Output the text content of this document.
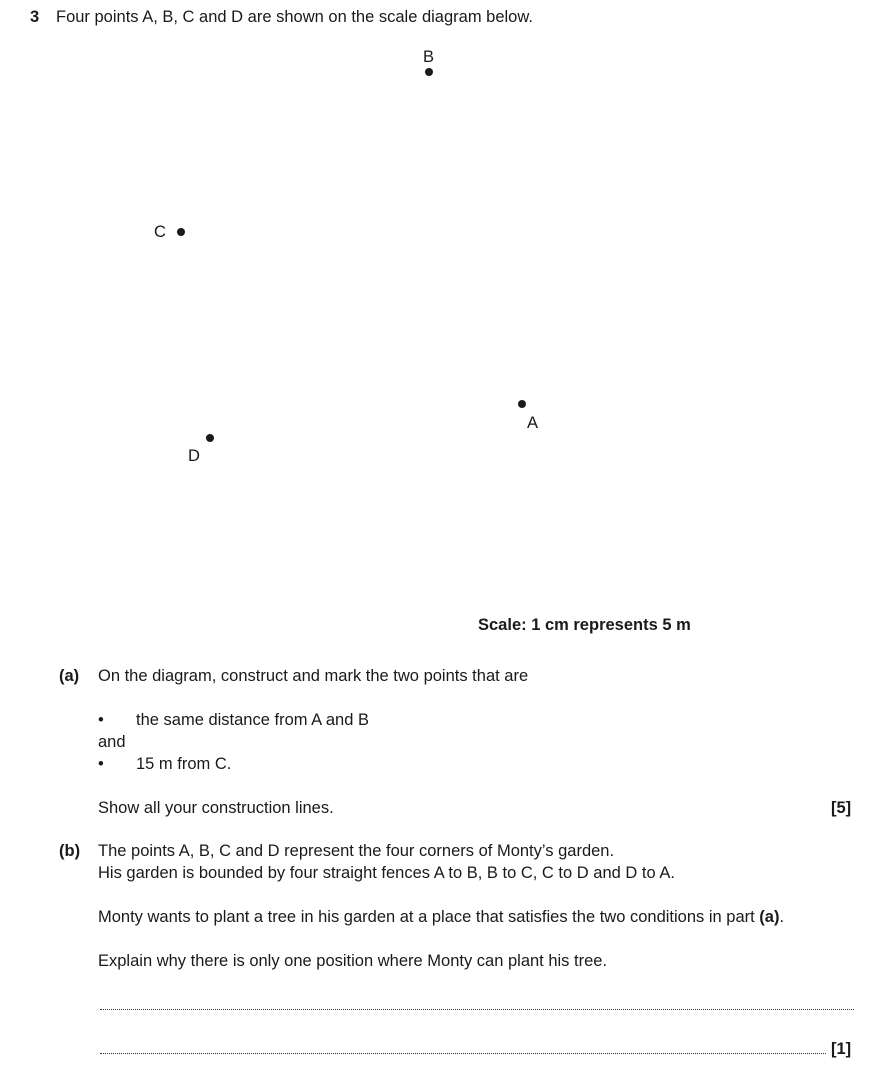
3 Four points A, B, C and D are shown on the scale diagram below.
B
C
A
D
Scale: 1 cm represents 5 m
(a) On the diagram, construct and mark the two points that are
• the same distance from A and B
and
• 15 m from C.
Show all your construction lines.	[5]
(b) The points A, B, C and D represent the four corners of Monty’s garden.
His garden is bounded by four straight fences A to B, B to C, C to D and D to A.
Monty wants to plant a tree in his garden at a place that satisfies the two conditions in part (a).
Explain why there is only one position where Monty can plant his tree.
[1]
